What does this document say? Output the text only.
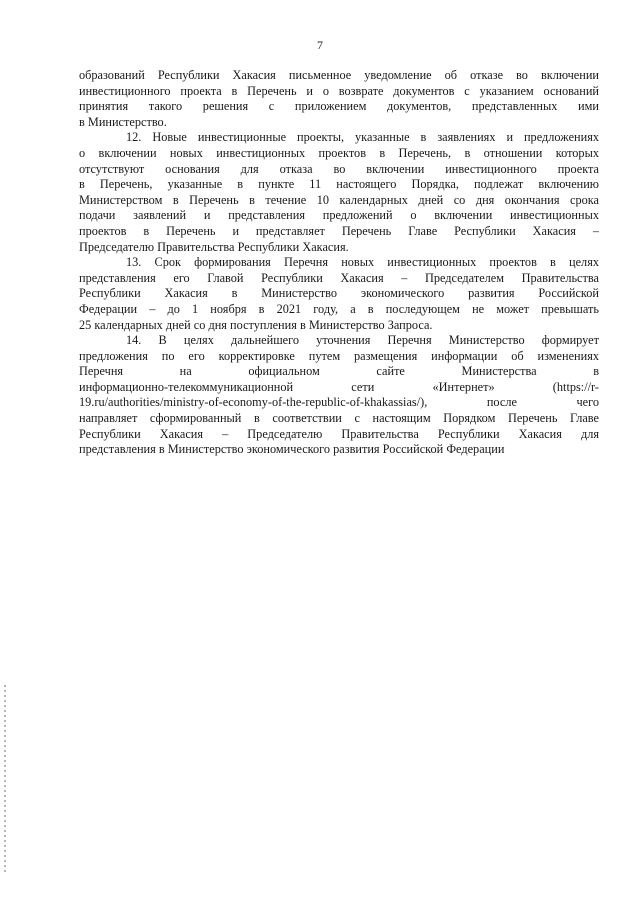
7
образований Республики Хакасия письменное уведомление об отказе во включении
инвестиционного проекта в Перечень и о возврате документов с указанием оснований
принятия такого решения с приложением документов, представленных ими
в Министерство.
12. Новые инвестиционные проекты, указанные в заявлениях и предложениях
о включении новых инвестиционных проектов в Перечень, в отношении которых
отсутствуют основания для отказа во включении инвестиционного проекта
в Перечень, указанные в пункте 11 настоящего Порядка, подлежат включению
Министерством в Перечень в течение 10 календарных дней со дня окончания срока
подачи заявлений и представления предложений о включении инвестиционных
проектов в Перечень и представляет Перечень Главе Республики Хакасия –
Председателю Правительства Республики Хакасия.
13. Срок формирования Перечня новых инвестиционных проектов в целях
представления его Главой Республики Хакасия – Председателем Правительства
Республики Хакасия в Министерство экономического развития Российской
Федерации – до 1 ноября в 2021 году, а в последующем не может превышать
25 календарных дней со дня поступления в Министерство Запроса.
14. В целях дальнейшего уточнения Перечня Министерство формирует
предложения по его корректировке путем размещения информации об изменениях
Перечня на официальном сайте Министерства в
информационно-телекоммуникационной сети «Интернет» (https://r-
19.ru/authorities/ministry-of-economy-of-the-republic-of-khakassias/), после чего
направляет сформированный в соответствии с настоящим Порядком Перечень Главе
Республики Хакасия – Председателю Правительства Республики Хакасия для
представления в Министерство экономического развития Российской Федерации
